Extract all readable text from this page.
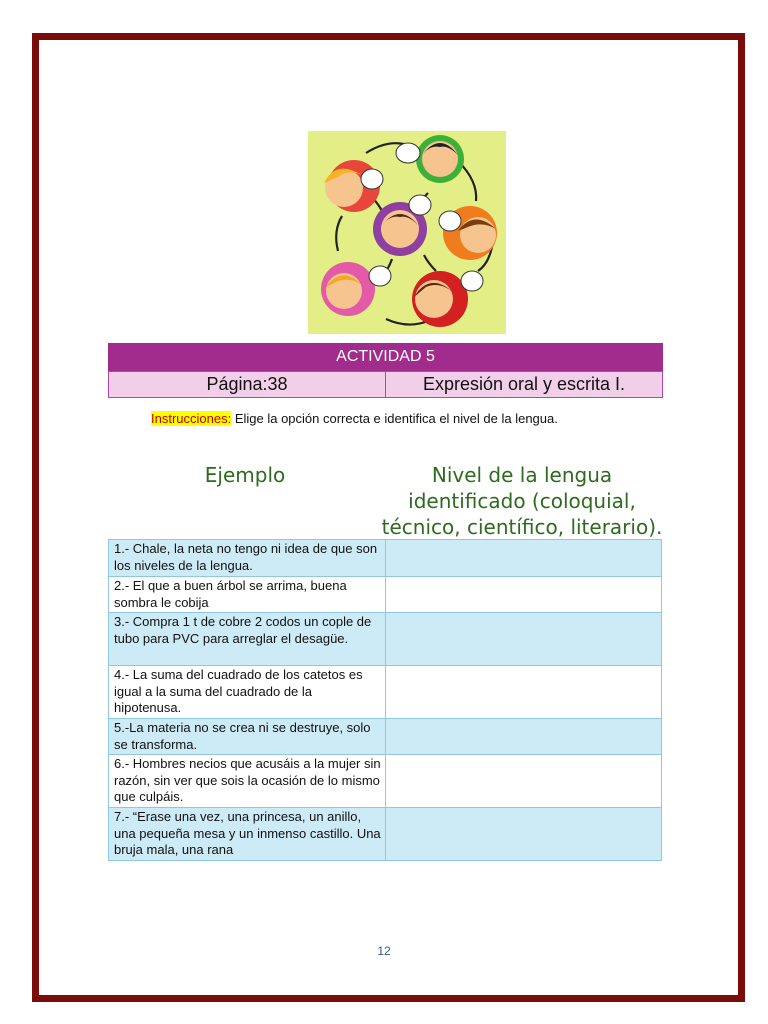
ACTIVIDAD 5
Página:38	Expresión oral y escrita I.
Instrucciones: Elige la opción correcta e identifica el nivel de la lengua.
Ejemplo	Nivel de la lengua identificado (coloquial, técnico, científico, literario).
1.- Chale, la neta no tengo ni idea de que son los niveles de la lengua.	
2.- El que a buen árbol se arrima, buena sombra le cobija	
3.- Compra 1 t de cobre 2 codos un cople de tubo para PVC para arreglar el desagüe.	
4.- La suma del cuadrado de los catetos es igual a la suma del cuadrado de la hipotenusa.	
5.-La materia no se crea ni se destruye, solo se transforma.	
6.- Hombres necios que acusáis a la mujer sin razón, sin ver que sois la ocasión de lo mismo que culpáis.	
7.- “Erase una vez, una princesa, un anillo, una pequeña mesa y un inmenso castillo. Una bruja mala, una rana	
12
